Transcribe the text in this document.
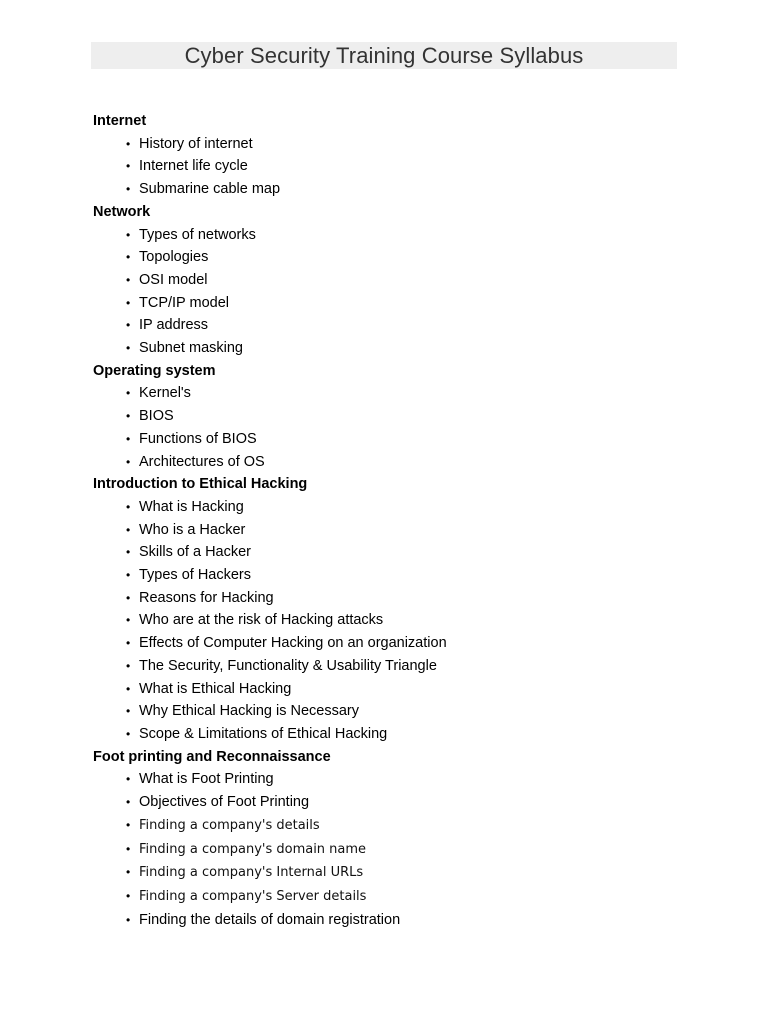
Cyber Security Training Course Syllabus

Internet

• History of internet
• Internet life cycle
• Submarine cable map

Network

• Types of networks
• Topologies
• OSI model
• TCP/IP model
• IP address
• Subnet masking

Operating system

• Kernel's
• BIOS
• Functions of BIOS
• Architectures of OS

Introduction to Ethical Hacking

• What is Hacking
• Who is a Hacker
• Skills of a Hacker
• Types of Hackers
• Reasons for Hacking
• Who are at the risk of Hacking attacks
• Effects of Computer Hacking on an organization
• The Security, Functionality & Usability Triangle
• What is Ethical Hacking
• Why Ethical Hacking is Necessary
• Scope & Limitations of Ethical Hacking

Foot printing and Reconnaissance

• What is Foot Printing
• Objectives of Foot Printing
• Finding a company's details
• Finding a company's domain name
• Finding a company's Internal URLs
• Finding a company's Server details
• Finding the details of domain registration
